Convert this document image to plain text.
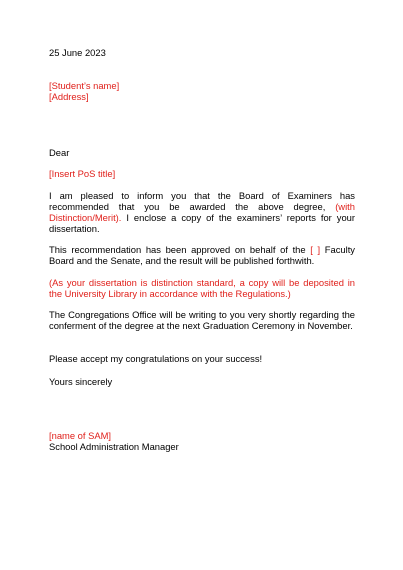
25 June 2023
[Student’s name]
[Address]
Dear
[Insert PoS title]

I am pleased to inform you that the Board of Examiners has recommended that you be awarded the above degree, (with Distinction/Merit). I enclose a copy of the examiners’ reports for your dissertation.

This recommendation has been approved on behalf of the [ ] Faculty Board and the Senate, and the result will be published forthwith.

(As your dissertation is distinction standard, a copy will be deposited in the University Library in accordance with the Regulations.)

The Congregations Office will be writing to you very shortly regarding the conferment of the degree at the next Graduation Ceremony in November.

Please accept my congratulations on your success!

Yours sincerely
[name of SAM]
School Administration Manager
